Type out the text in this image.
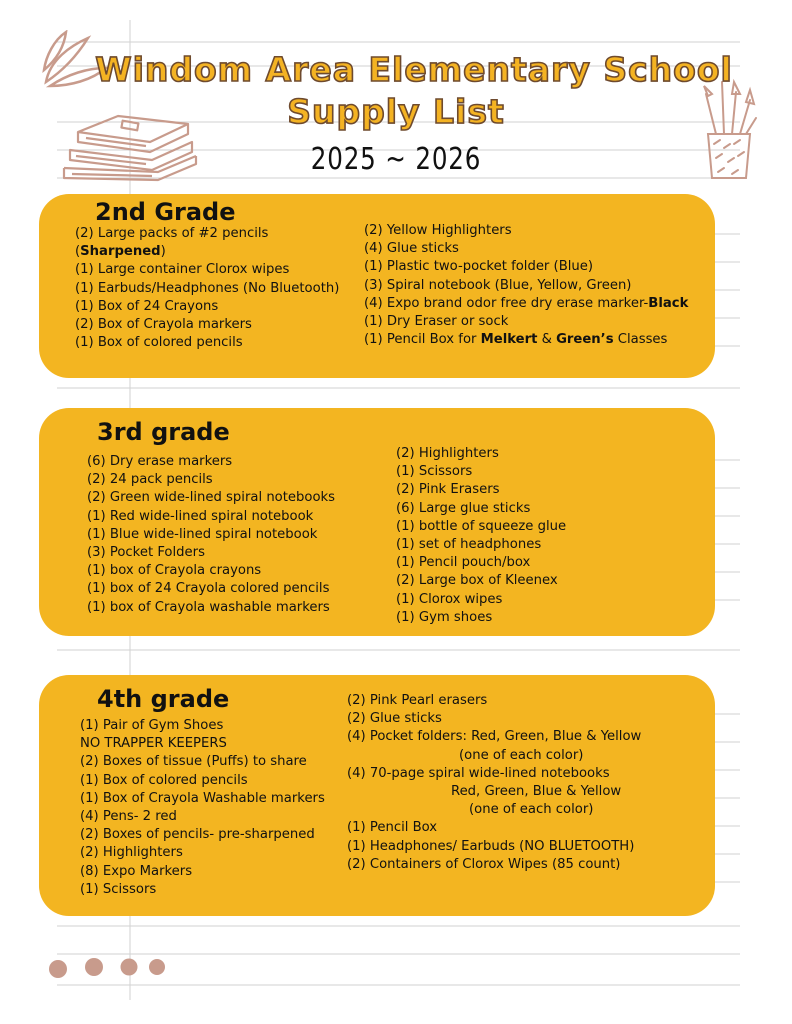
Windom Area Elementary School
Supply List
2025 ~ 2026
2nd Grade
(2) Large packs of #2 pencils
(Sharpened)
(1) Large container Clorox wipes
(1) Earbuds/Headphones (No Bluetooth)
(1) Box of 24 Crayons
(2) Box of Crayola markers
(1) Box of colored pencils
(2) Yellow Highlighters
(4) Glue sticks
(1) Plastic two-pocket folder (Blue)
(3) Spiral notebook (Blue, Yellow, Green)
(4) Expo brand odor free dry erase marker-Black
(1) Dry Eraser or sock
(1) Pencil Box for Melkert & Green’s Classes
3rd grade
(6) Dry erase markers
(2) 24 pack pencils
(2) Green wide-lined spiral notebooks
(1) Red wide-lined spiral notebook
(1) Blue wide-lined spiral notebook
(3) Pocket Folders
(1) box of Crayola crayons
(1) box of 24 Crayola colored pencils
(1) box of Crayola washable markers
(2) Highlighters
(1) Scissors
(2) Pink Erasers
(6) Large glue sticks
(1) bottle of squeeze glue
(1) set of headphones
(1) Pencil pouch/box
(2) Large box of Kleenex
(1) Clorox wipes
(1) Gym shoes
4th grade
(1) Pair of Gym Shoes
NO TRAPPER KEEPERS
(2) Boxes of tissue (Puffs) to share
(1) Box of colored pencils
(1) Box of Crayola Washable markers
(4) Pens- 2 red
(2) Boxes of pencils- pre-sharpened
(2) Highlighters
(8) Expo Markers
(1) Scissors
(2) Pink Pearl erasers
(2) Glue sticks
(4) Pocket folders: Red, Green, Blue & Yellow
(one of each color)
(4) 70-page spiral wide-lined notebooks
Red, Green, Blue & Yellow
(one of each color)
(1) Pencil Box
(1) Headphones/ Earbuds (NO BLUETOOTH)
(2) Containers of Clorox Wipes (85 count)
